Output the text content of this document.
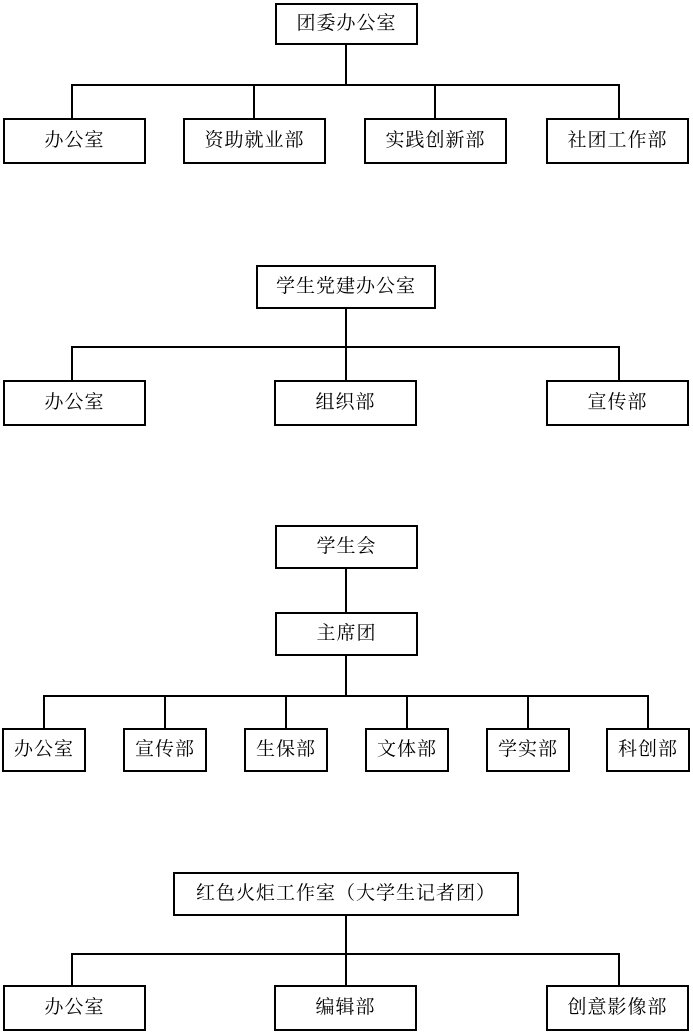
团委办公室
办公室	资助就业部	实践创新部	社团工作部
学生党建办公室
办公室	组织部	宣传部
学生会
主席团
办公室	宣传部	生保部	文体部	学实部	科创部
红色火炬工作室（大学生记者团）
办公室	编辑部	创意影像部
